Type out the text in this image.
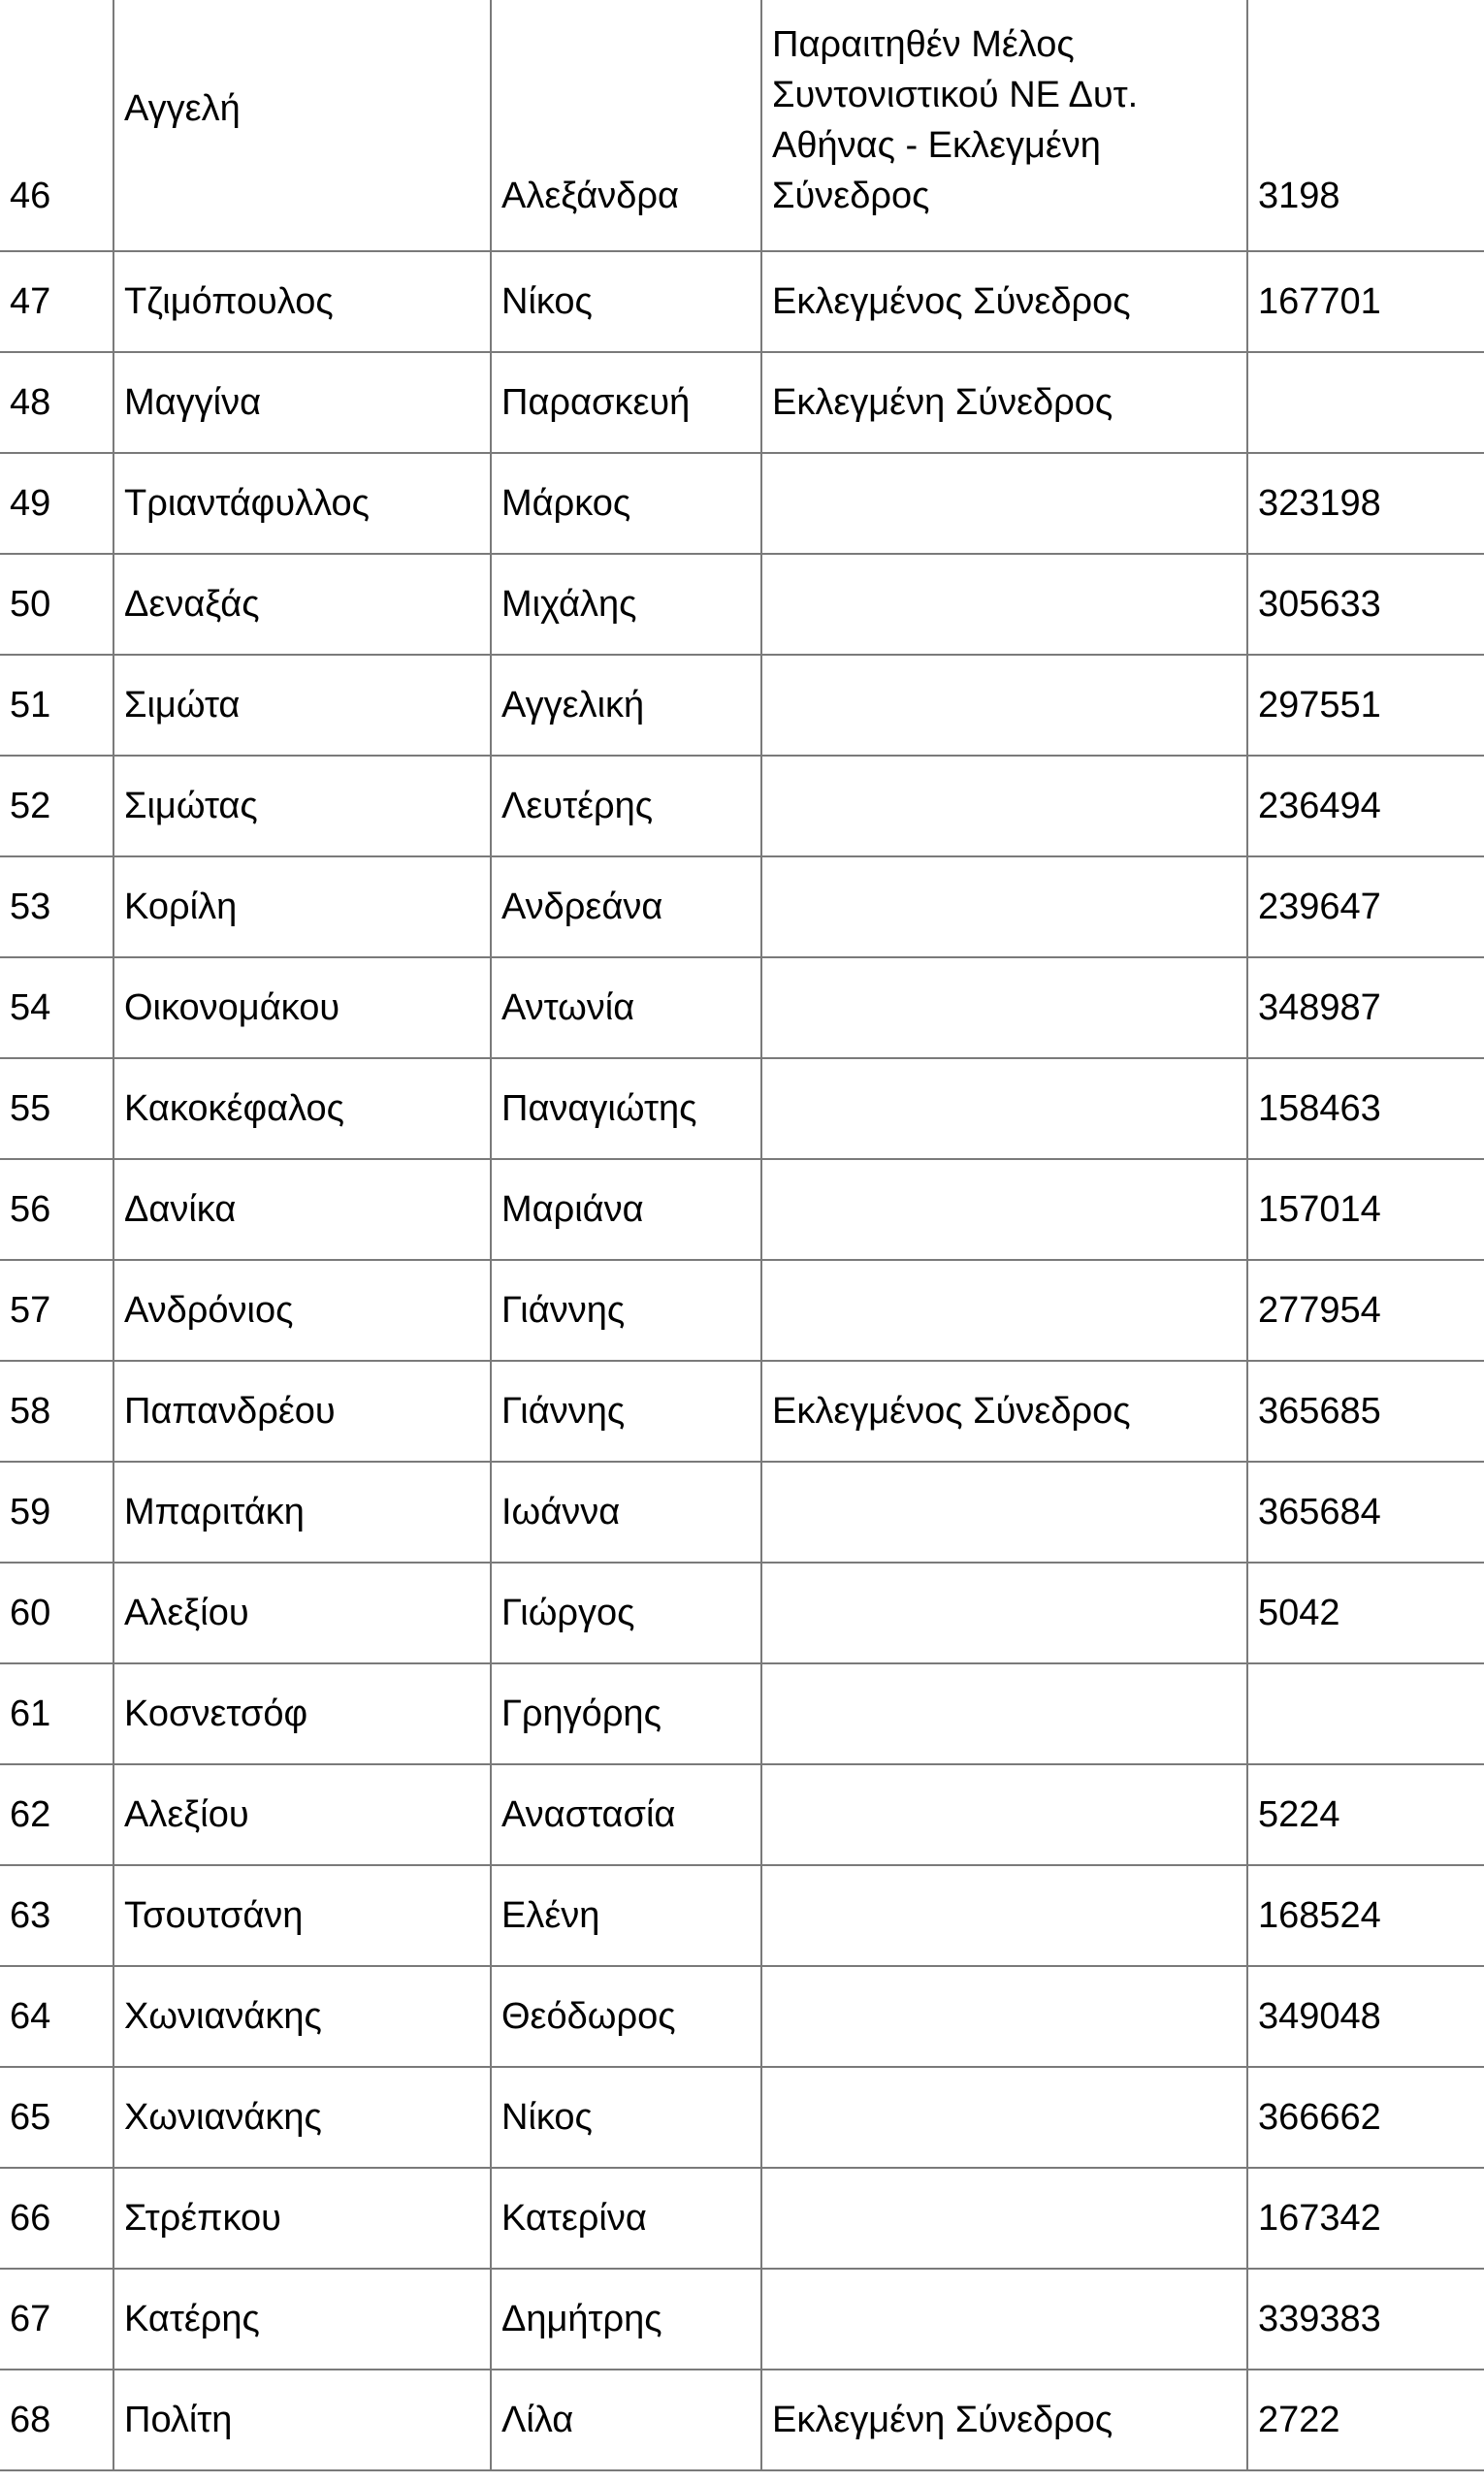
46	Αγγελή	Αλεξάνδρα	Παραιτηθέν Μέλος
Συντονιστικού ΝΕ Δυτ.
Αθήνας - Εκλεγμένη
Σύνεδρος	3198
47	Τζιμόπουλος	Νίκος	Εκλεγμένος Σύνεδρος	167701
48	Μαγγίνα	Παρασκευή	Εκλεγμένη Σύνεδρος	
49	Τριαντάφυλλος	Μάρκος		323198
50	Δεναξάς	Μιχάλης		305633
51	Σιμώτα	Αγγελική		297551
52	Σιμώτας	Λευτέρης		236494
53	Κορίλη	Ανδρεάνα		239647
54	Οικονομάκου	Αντωνία		348987
55	Κακοκέφαλος	Παναγιώτης		158463
56	Δανίκα	Μαριάνα		157014
57	Ανδρόνιος	Γιάννης		277954
58	Παπανδρέου	Γιάννης	Εκλεγμένος Σύνεδρος	365685
59	Μπαριτάκη	Ιωάννα		365684
60	Αλεξίου	Γιώργος		5042
61	Κοσνετσόφ	Γρηγόρης		
62	Αλεξίου	Αναστασία		5224
63	Τσουτσάνη	Ελένη		168524
64	Χωνιανάκης	Θεόδωρος		349048
65	Χωνιανάκης	Νίκος		366662
66	Στρέπκου	Κατερίνα		167342
67	Κατέρης	Δημήτρης		339383
68	Πολίτη	Λίλα	Εκλεγμένη Σύνεδρος	2722
